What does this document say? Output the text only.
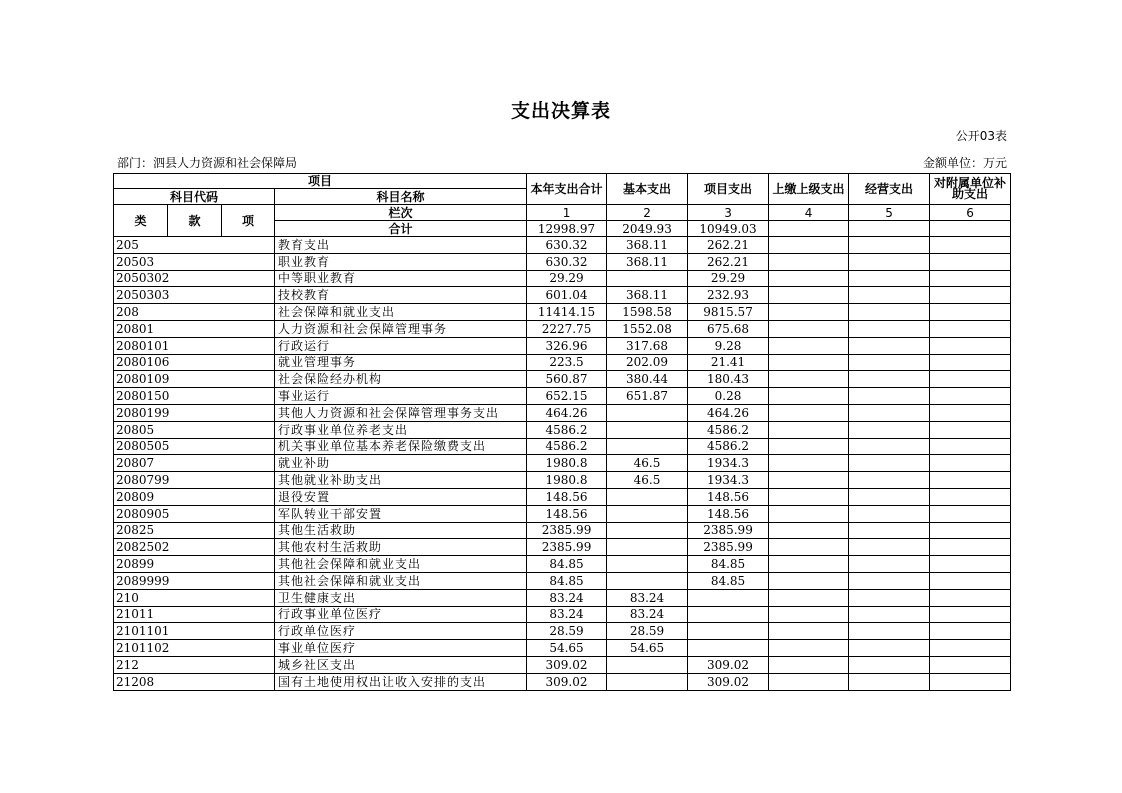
支出决算表
公开03表
部门：泗县人力资源和社会保障局	金额单位：万元
项目				本年支出合计	基本支出	项目支出	上缴上级支出	经营支出	对附属单位补助支出
科目代码			科目名称						
类	款	项	栏次	1	2	3	4	5	6
			合计	12998.97	2049.93	10949.03			
205			教育支出	630.32	368.11	262.21			
20503			职业教育	630.32	368.11	262.21			
2050302			中等职业教育	29.29		29.29			
2050303			技校教育	601.04	368.11	232.93			
208			社会保障和就业支出	11414.15	1598.58	9815.57			
20801			人力资源和社会保障管理事务	2227.75	1552.08	675.68			
2080101			行政运行	326.96	317.68	9.28			
2080106			就业管理事务	223.5	202.09	21.41			
2080109			社会保险经办机构	560.87	380.44	180.43			
2080150			事业运行	652.15	651.87	0.28			
2080199			其他人力资源和社会保障管理事务支出	464.26		464.26			
20805			行政事业单位养老支出	4586.2		4586.2			
2080505			机关事业单位基本养老保险缴费支出	4586.2		4586.2			
20807			就业补助	1980.8	46.5	1934.3			
2080799			其他就业补助支出	1980.8	46.5	1934.3			
20809			退役安置	148.56		148.56			
2080905			军队转业干部安置	148.56		148.56			
20825			其他生活救助	2385.99		2385.99			
2082502			其他农村生活救助	2385.99		2385.99			
20899			其他社会保障和就业支出	84.85		84.85			
2089999			其他社会保障和就业支出	84.85		84.85			
210			卫生健康支出	83.24	83.24				
21011			行政事业单位医疗	83.24	83.24				
2101101			行政单位医疗	28.59	28.59				
2101102			事业单位医疗	54.65	54.65				
212			城乡社区支出	309.02		309.02			
21208			国有土地使用权出让收入安排的支出	309.02		309.02			
